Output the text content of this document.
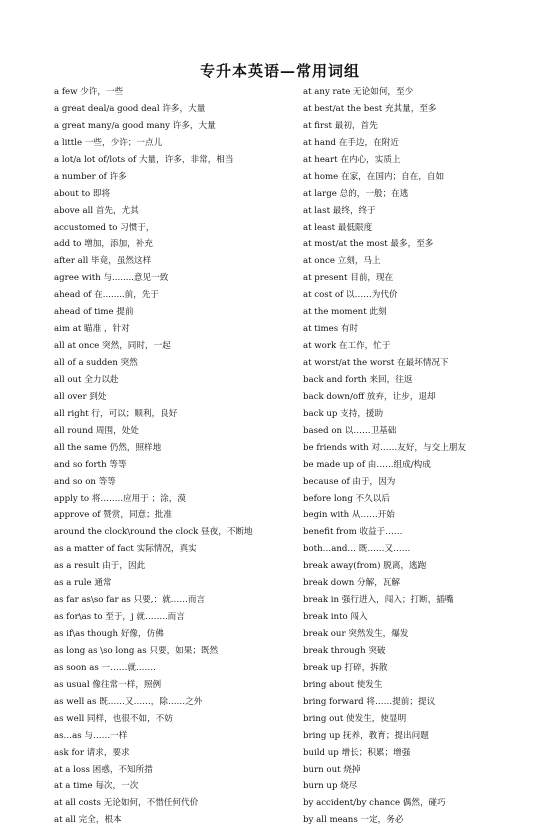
专升本英语—常用词组
a few 少许，一些
a great deal/a good deal 许多，大量
a great many/a good many 许多，大量
a little 一些，少许；一点儿
a lot/a lot of/lots of 大量，许多，非常，相当
a number of 许多
about to 即将
above all 首先，尤其
accustomed to 习惯于，
add to 增加，添加，补充
after all 毕竟，虽然这样
agree with 与........意见一致
ahead of 在........前，先于
ahead of time 提前
aim at 瞄准 ，针对
all at once 突然，同时，一起
all of a sudden 突然
all out 全力以赴
all over 到处
all right 行，可以；顺利，良好
all round 周围，处处
all the same 仍然，照样地
and so forth 等等
and so on 等等
apply to 将……..应用于 ；涂，漠
approve of 赞赏，同意；批准
around the clock\round the clock 昼夜，不断地
as a matter of fact 实际情况，真实
as a result 由于，因此
as a rule 通常
as far as\so far as 只要,：就……而言
as for\as to 至于，j 就……..而言
as if\as though 好像，仿佛
as long as \so long as 只要，如果；既然
as soon as 一……就…….
as usual 像往常一样，照例
as well as 既……又……，除……之外
as well 同样，也很不如，不妨
as…as 与……一样
ask for 请求，要求
at a loss 困惑，不知所措
at a time 每次，一次
at all costs 无论如何，不惜任何代价
at all 完全，根本
at any rate 无论如何，至少
at best/at the best 充其量，至多
at first 最初，首先
at hand 在手边，在附近
at heart 在内心，实质上
at home 在家，在国内；自在，自如
at large 总的，一般；在逃
at last 最终，终于
at least 最低限度
at most/at the most 最多，至多
at once 立刻，马上
at present 目前，现在
at cost of 以……为代价
at the moment 此刻
at times 有时
at work 在工作，忙于
at worst/at the worst 在最坏情况下
back and forth 来回，往返
back down/off 放弃，让步，退却
back up 支持，援助
based on 以……卫基础
be friends with 对……友好，与交上朋友
be made up of 由……组成/构成
because of 由于，因为
before long 不久以后
begin with 从……开始
benefit from 收益于……
both…and… 既……又……
break away(from) 脱离，逃跑
break down 分解，瓦解
break in 强行进入，闯入；打断，插嘴
break into 闯入
break our 突然发生，爆发
break through 突破
break up 打碎，拆散
bring about 使发生
bring forward 将……提前；提议
bring out 使发生，使显明
bring up 抚养，教育；提出问题
build up 增长；积累；增强
burn out 烧掉
burn up 烧尽
by accident/by chance 偶然，碰巧
by all means 一定，务必
